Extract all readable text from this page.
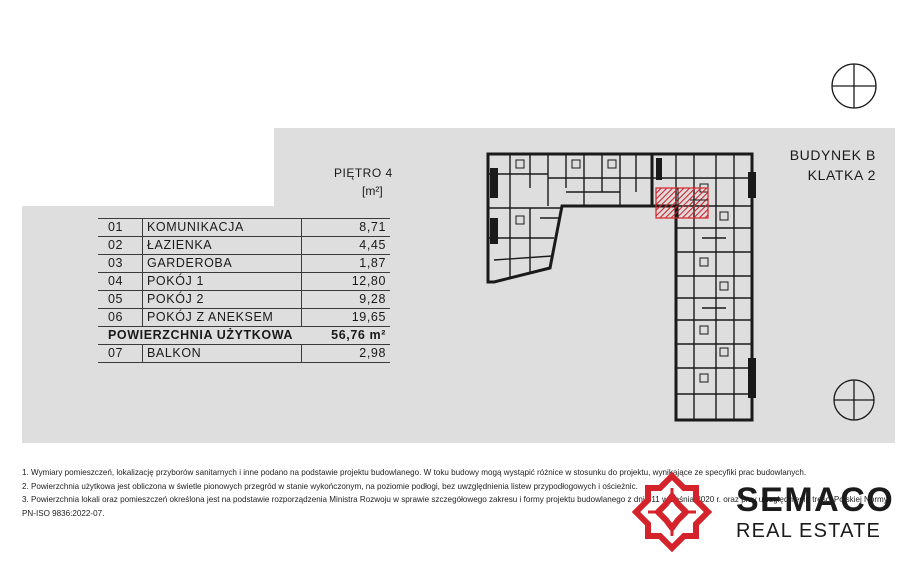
PIĘTRO 4
[m²]
BUDYNEK B
KLATKA 2
01	KOMUNIKACJA	8,71
02	ŁAZIENKA	4,45
03	GARDEROBA	1,87
04	POKÓJ 1	12,80
05	POKÓJ 2	9,28
06	POKÓJ Z ANEKSEM	19,65
POWIERZCHNIA UŻYTKOWA		56,76 m²
07	BALKON	2,98

1. Wymiary pomieszczeń, lokalizację przyborów sanitarnych i inne podano na podstawie projektu budowlanego. W toku budowy mogą wystąpić różnice w stosunku do projektu, wynikające ze specyfiki prac budowlanych.

2. Powierzchnia użytkowa jest obliczona w świetle pionowych przegród w stanie wykończonym, na poziomie podłogi, bez uwzględnienia listew przypodłogowych i ościeżnic.

3. Powierzchnia lokali oraz pomieszczeń określona jest na podstawie rozporządzenia Ministra Rozwoju w sprawie szczegółowego zakresu i formy projektu budowlanego z dnia 11 września 2020 r. oraz przy uwzględnieniu treści Polskiej Normy PN-ISO 9836:2022-07.	SEMACO
REAL ESTATE
